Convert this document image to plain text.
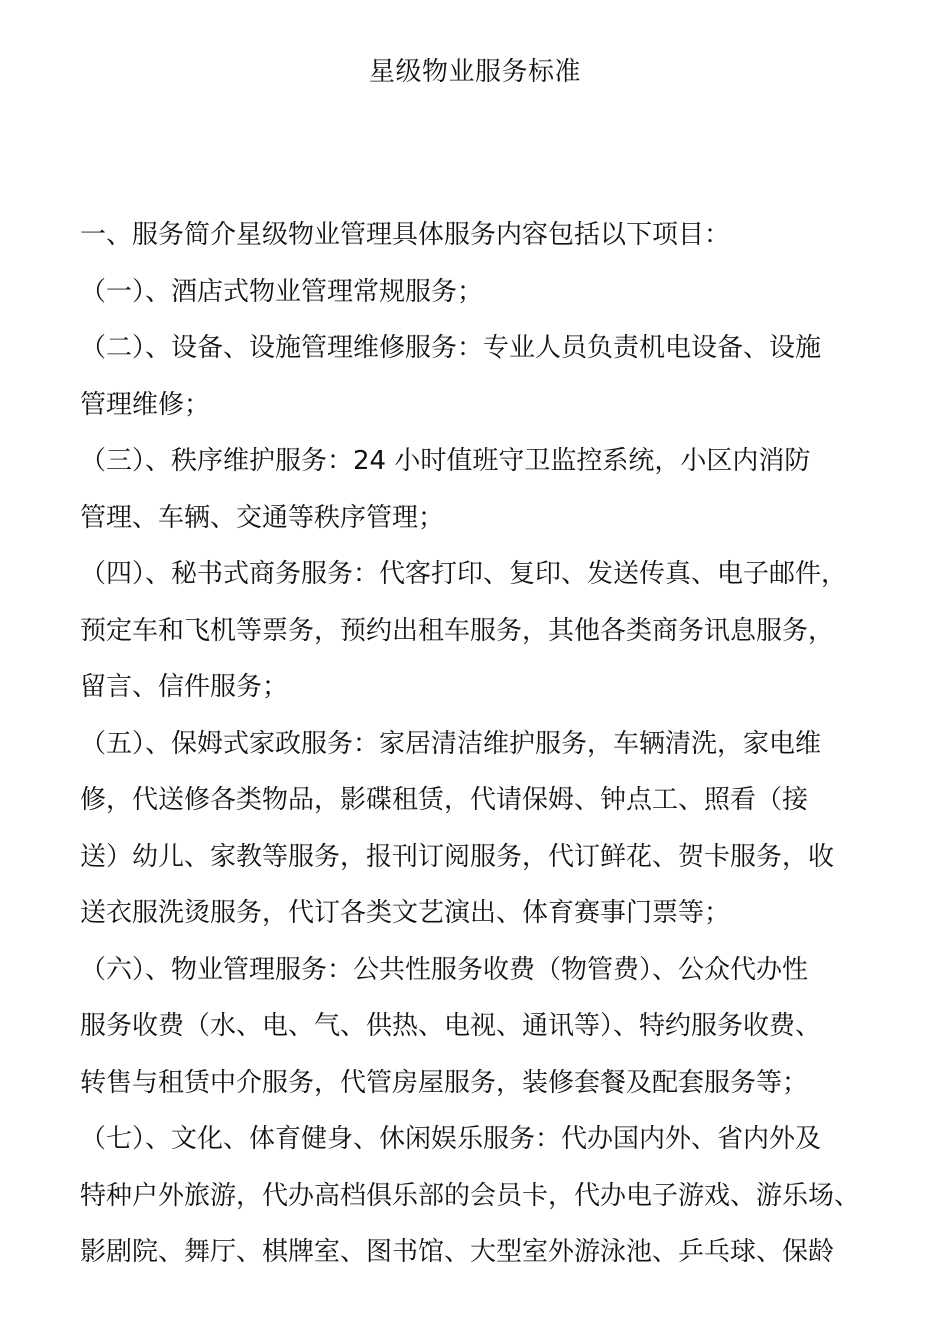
星级物业服务标准
一、服务简介星级物业管理具体服务内容包括以下项目：
（一）、酒店式物业管理常规服务；
（二）、设备、设施管理维修服务：专业人员负责机电设备、设施
管理维修；
（三）、秩序维护服务：24 小时值班守卫监控系统，小区内消防
管理、车辆、交通等秩序管理；
（四）、秘书式商务服务：代客打印、复印、发送传真、电子邮件，
预定车和飞机等票务，预约出租车服务，其他各类商务讯息服务，
留言、信件服务；
（五）、保姆式家政服务：家居清洁维护服务，车辆清洗，家电维
修，代送修各类物品，影碟租赁，代请保姆、钟点工、照看（接
送）幼儿、家教等服务，报刊订阅服务，代订鲜花、贺卡服务，收
送衣服洗烫服务，代订各类文艺演出、体育赛事门票等；
（六）、物业管理服务：公共性服务收费（物管费）、公众代办性
服务收费（水、电、气、供热、电视、通讯等）、特约服务收费、
转售与租赁中介服务，代管房屋服务，装修套餐及配套服务等；
（七）、文化、体育健身、休闲娱乐服务：代办国内外、省内外及
特种户外旅游，代办高档俱乐部的会员卡，代办电子游戏、游乐场、
影剧院、舞厅、棋牌室、图书馆、大型室外游泳池、乒乓球、保龄
